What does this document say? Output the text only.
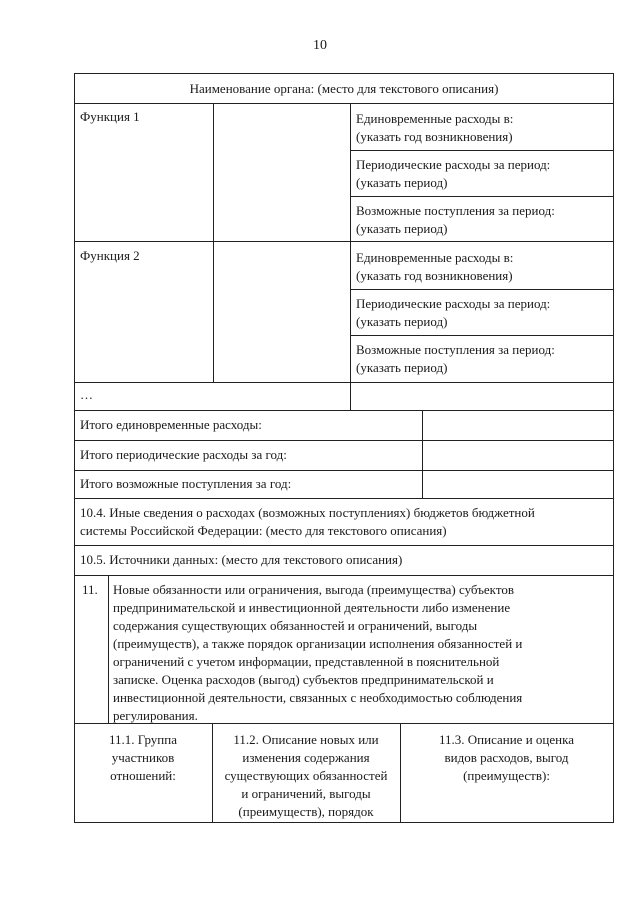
10
Наименование органа: (место для текстового описания)
Функция 1	Единовременные расходы в:
(указать год возникновения)
Периодические расходы за период:
(указать период)
Возможные поступления за период:
(указать период)
Функция 2	Единовременные расходы в:
(указать год возникновения)
Периодические расходы за период:
(указать период)
Возможные поступления за период:
(указать период)
…
Итого единовременные расходы:
Итого периодические расходы за год:
Итого возможные поступления за год:
10.4. Иные сведения о расходах (возможных поступлениях) бюджетов бюджетной
системы Российской Федерации: (место для текстового описания)
10.5. Источники данных: (место для текстового описания)
11. Новые обязанности или ограничения, выгода (преимущества) субъектов
предпринимательской и инвестиционной деятельности либо изменение
содержания существующих обязанностей и ограничений, выгоды
(преимуществ), а также порядок организации исполнения обязанностей и
ограничений с учетом информации, представленной в пояснительной
записке. Оценка расходов (выгод) субъектов предпринимательской и
инвестиционной деятельности, связанных с необходимостью соблюдения
регулирования.
11.1. Группа
участников
отношений:
11.2. Описание новых или
изменения содержания
существующих обязанностей
и ограничений, выгоды
(преимуществ), порядок
11.3. Описание и оценка
видов расходов, выгод
(преимуществ):
